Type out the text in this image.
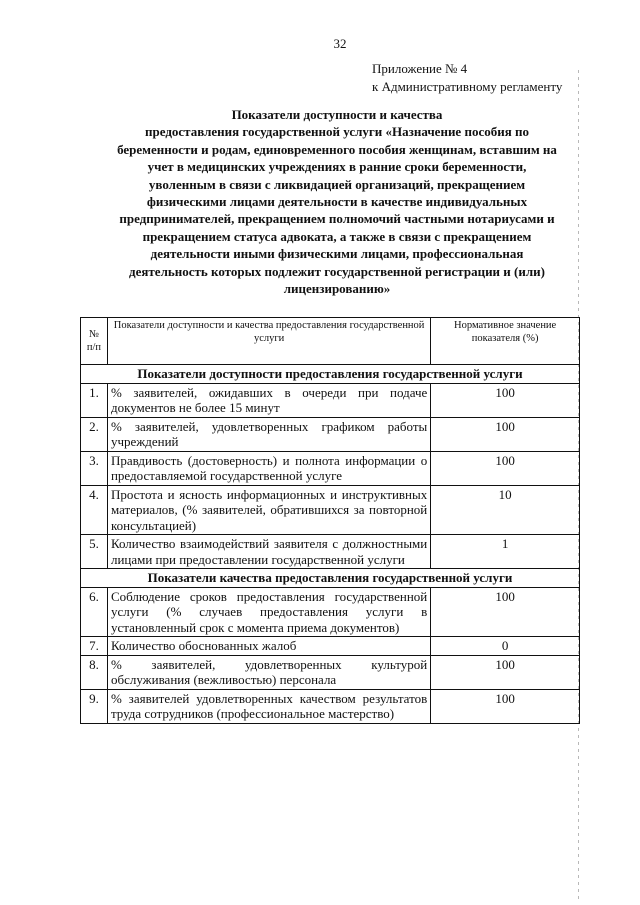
32
Приложение № 4
к Административному регламенту
Показатели доступности и качества
предоставления государственной услуги «Назначение пособия по
беременности и родам, единовременного пособия женщинам, вставшим на
учет в медицинских учреждениях в ранние сроки беременности,
уволенным в связи с ликвидацией организаций, прекращением
физическими лицами деятельности в качестве индивидуальных
предпринимателей, прекращением полномочий частными нотариусами и
прекращением статуса адвоката, а также в связи с прекращением
деятельности иными физическими лицами, профессиональная
деятельность которых подлежит государственной регистрации и (или)
лицензированию»
№ п/п	Показатели доступности и качества предоставления государственной услуги	Нормативное значение показателя (%)
Показатели доступности предоставления государственной услуги		
1.	% заявителей, ожидавших в очереди при подаче документов не более 15 минут	100
2.	% заявителей, удовлетворенных графиком работы учреждений	100
3.	Правдивость (достоверность) и полнота информации о предоставляемой государственной услуге	100
4.	Простота и ясность информационных и инструктивных материалов, (% заявителей, обратившихся за повторной консультацией)	10
5.	Количество взаимодействий заявителя с должностными лицами при предоставлении государственной услуги	1
Показатели качества предоставления государственной услуги		
6.	Соблюдение сроков предоставления государственной услуги (% случаев предоставления услуги в установленный срок с момента приема документов)	100
7.	Количество обоснованных жалоб	0
8.	% заявителей, удовлетворенных культурой обслуживания (вежливостью) персонала	100
9.	% заявителей удовлетворенных качеством результатов труда сотрудников (профессиональное мастерство)	100
